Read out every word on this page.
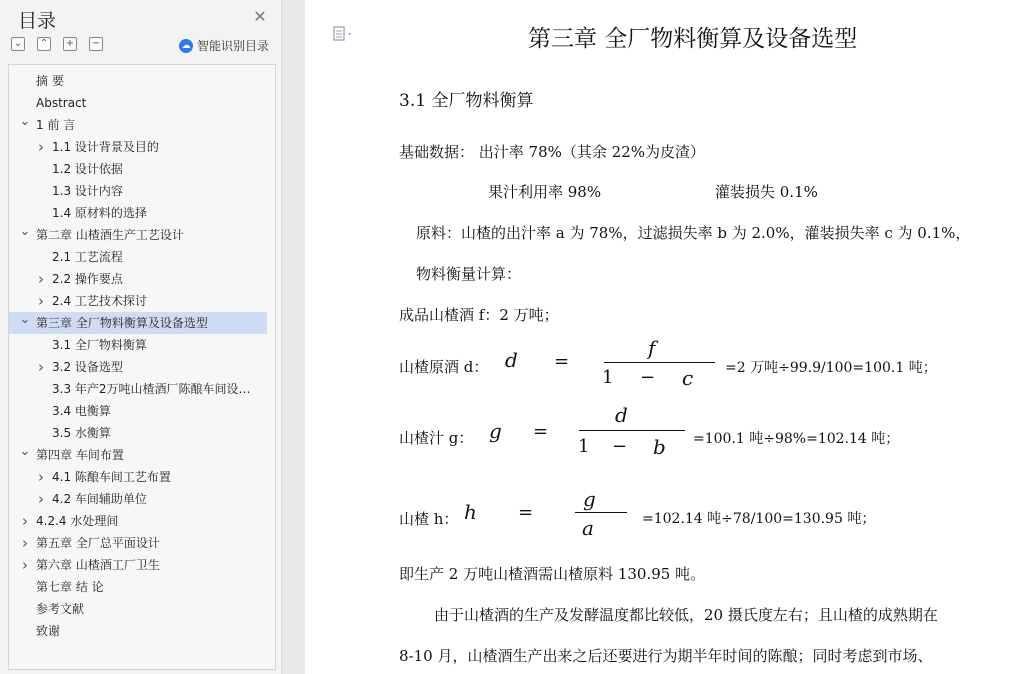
目录	✕
⌄ ⌃ + −	☁ 智能识别目录
摘 要
Abstract
⌄ 1 前 言
› 1.1 设计背景及目的
1.2 设计依据
1.3 设计内容
1.4 原材料的选择
⌄ 第二章 山楂酒生产工艺设计
2.1 工艺流程
› 2.2 操作要点
› 2.4 工艺技术探讨
⌄ 第三章 全厂物料衡算及设备选型
3.1 全厂物料衡算
› 3.2 设备选型
3.3 年产2万吨山楂酒厂陈酿车间设…
3.4 电衡算
3.5 水衡算
⌄ 第四章 车间布置
› 4.1 陈酿车间工艺布置
› 4.2 车间辅助单位
› 4.2.4 水处理间
› 第五章 全厂总平面设计
› 第六章 山楂酒工厂卫生
第七章 结 论
参考文献
致谢
第三章 全厂物料衡算及设备选型
3.1 全厂物料衡算
基础数据： 出汁率 78%（其余 22%为皮渣）
果汁利用率 98%	灌装损失 0.1%
原料：山楂的出汁率 a 为 78%，过滤损失率 b 为 2.0%，灌装损失率 c 为 0.1%，
物料衡量计算：
成品山楂酒 f：2 万吨；
山楂原酒 d： d =
f
1 − c =2 万吨÷99.9/100=100.1 吨；
山楂汁 g： g =
d
1 − b =100.1 吨÷98%=102.14 吨；
山楂 h： h =
g
a	=102.14 吨÷78/100=130.95 吨；
即生产 2 万吨山楂酒需山楂原料 130.95 吨。
由于山楂酒的生产及发酵温度都比较低，20 摄氏度左右；且山楂的成熟期在
8-10 月，山楂酒生产出来之后还要进行为期半年时间的陈酿；同时考虑到市场、
